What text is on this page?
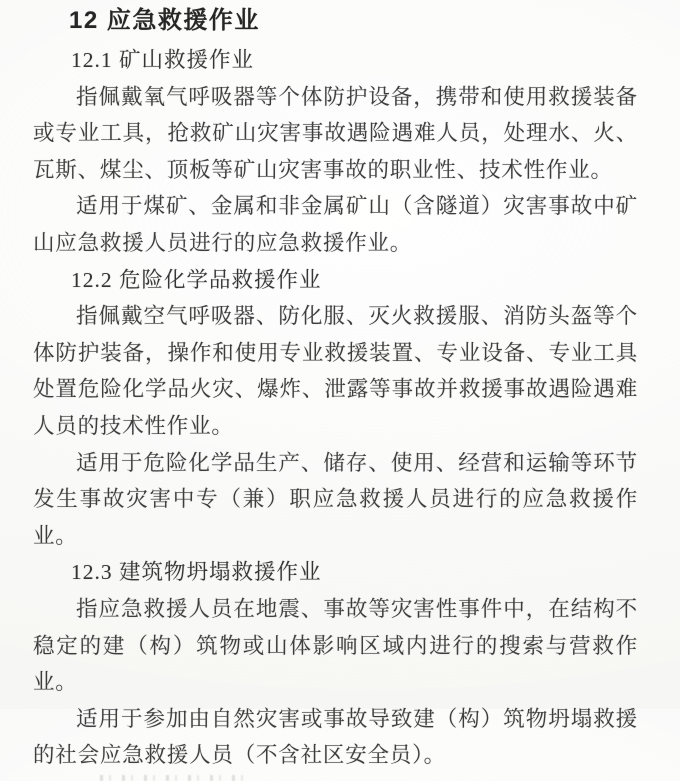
12 应急救援作业
12.1 矿山救援作业

指佩戴氧气呼吸器等个体防护设备，携带和使用救援装备或专业工具，抢救矿山灾害事故遇险遇难人员，处理水、火、瓦斯、煤尘、顶板等矿山灾害事故的职业性、技术性作业。

适用于煤矿、金属和非金属矿山（含隧道）灾害事故中矿山应急救援人员进行的应急救援作业。

12.2 危险化学品救援作业

指佩戴空气呼吸器、防化服、灭火救援服、消防头盔等个体防护装备，操作和使用专业救援装置、专业设备、专业工具处置危险化学品火灾、爆炸、泄露等事故并救援事故遇险遇难人员的技术性作业。

适用于危险化学品生产、储存、使用、经营和运输等环节发生事故灾害中专（兼）职应急救援人员进行的应急救援作业。

12.3 建筑物坍塌救援作业

指应急救援人员在地震、事故等灾害性事件中，在结构不稳定的建（构）筑物或山体影响区域内进行的搜索与营救作业。

适用于参加由自然灾害或事故导致建（构）筑物坍塌救援的社会应急救援人员（不含社区安全员）。
